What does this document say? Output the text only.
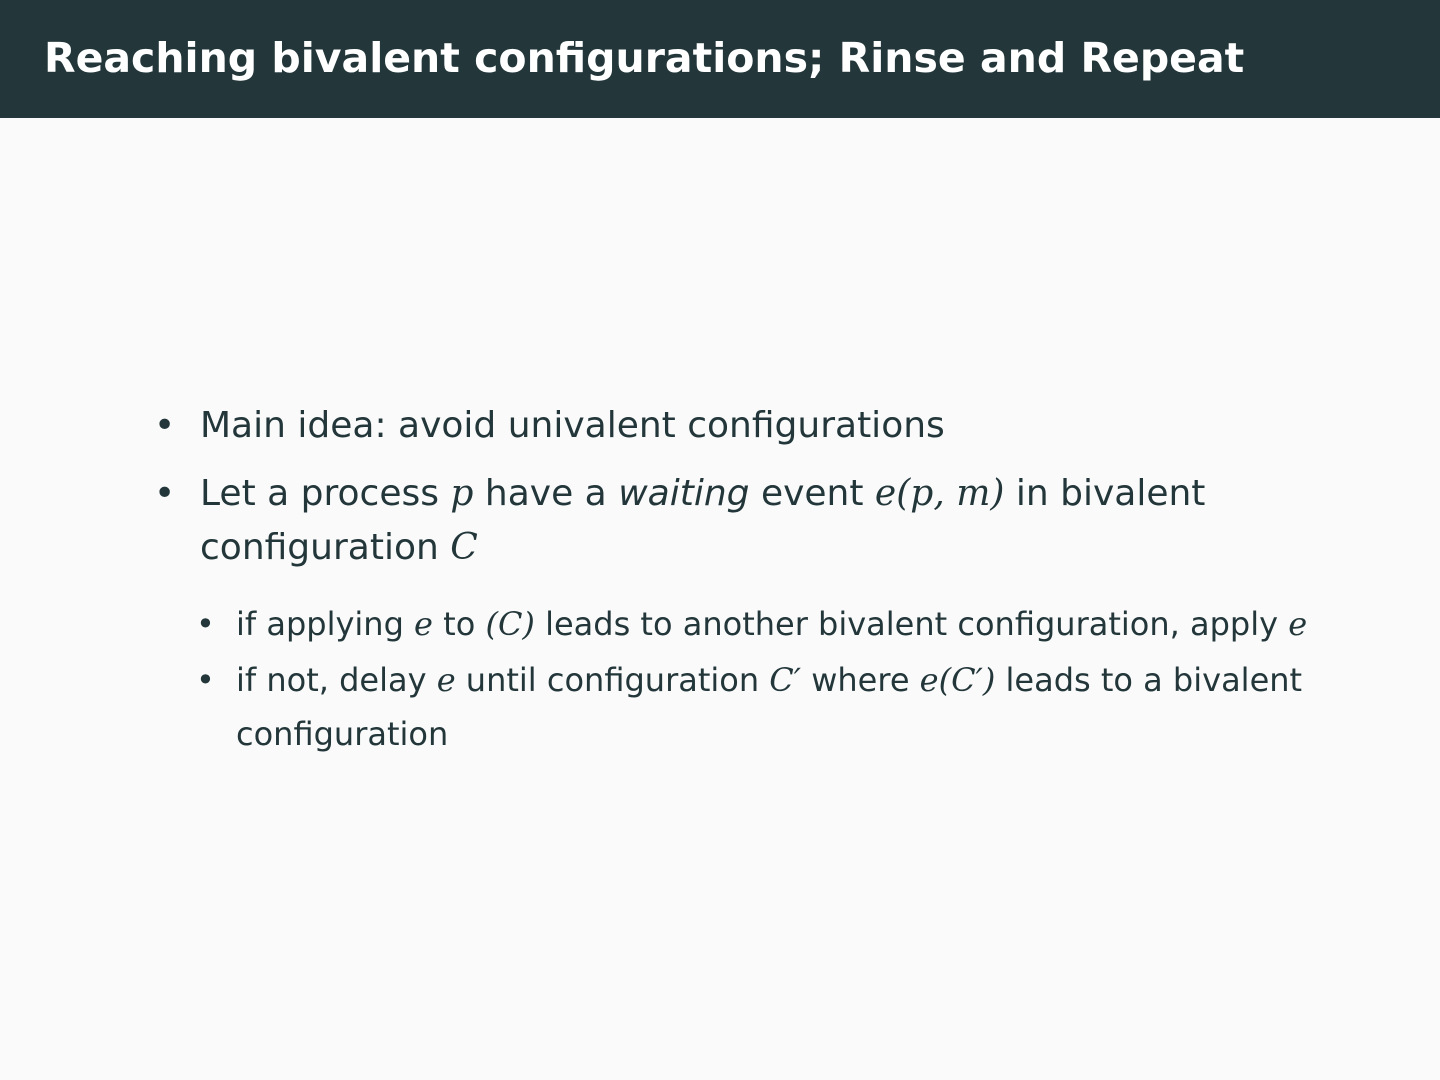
Reaching bivalent configurations; Rinse and Repeat
• Main idea: avoid univalent configurations
• Let a process p have a waiting event e(p, m) in bivalent configuration C
• if applying e to (C) leads to another bivalent configuration, apply e
• if not, delay e until configuration C′ where e(C′) leads to a bivalent configuration
